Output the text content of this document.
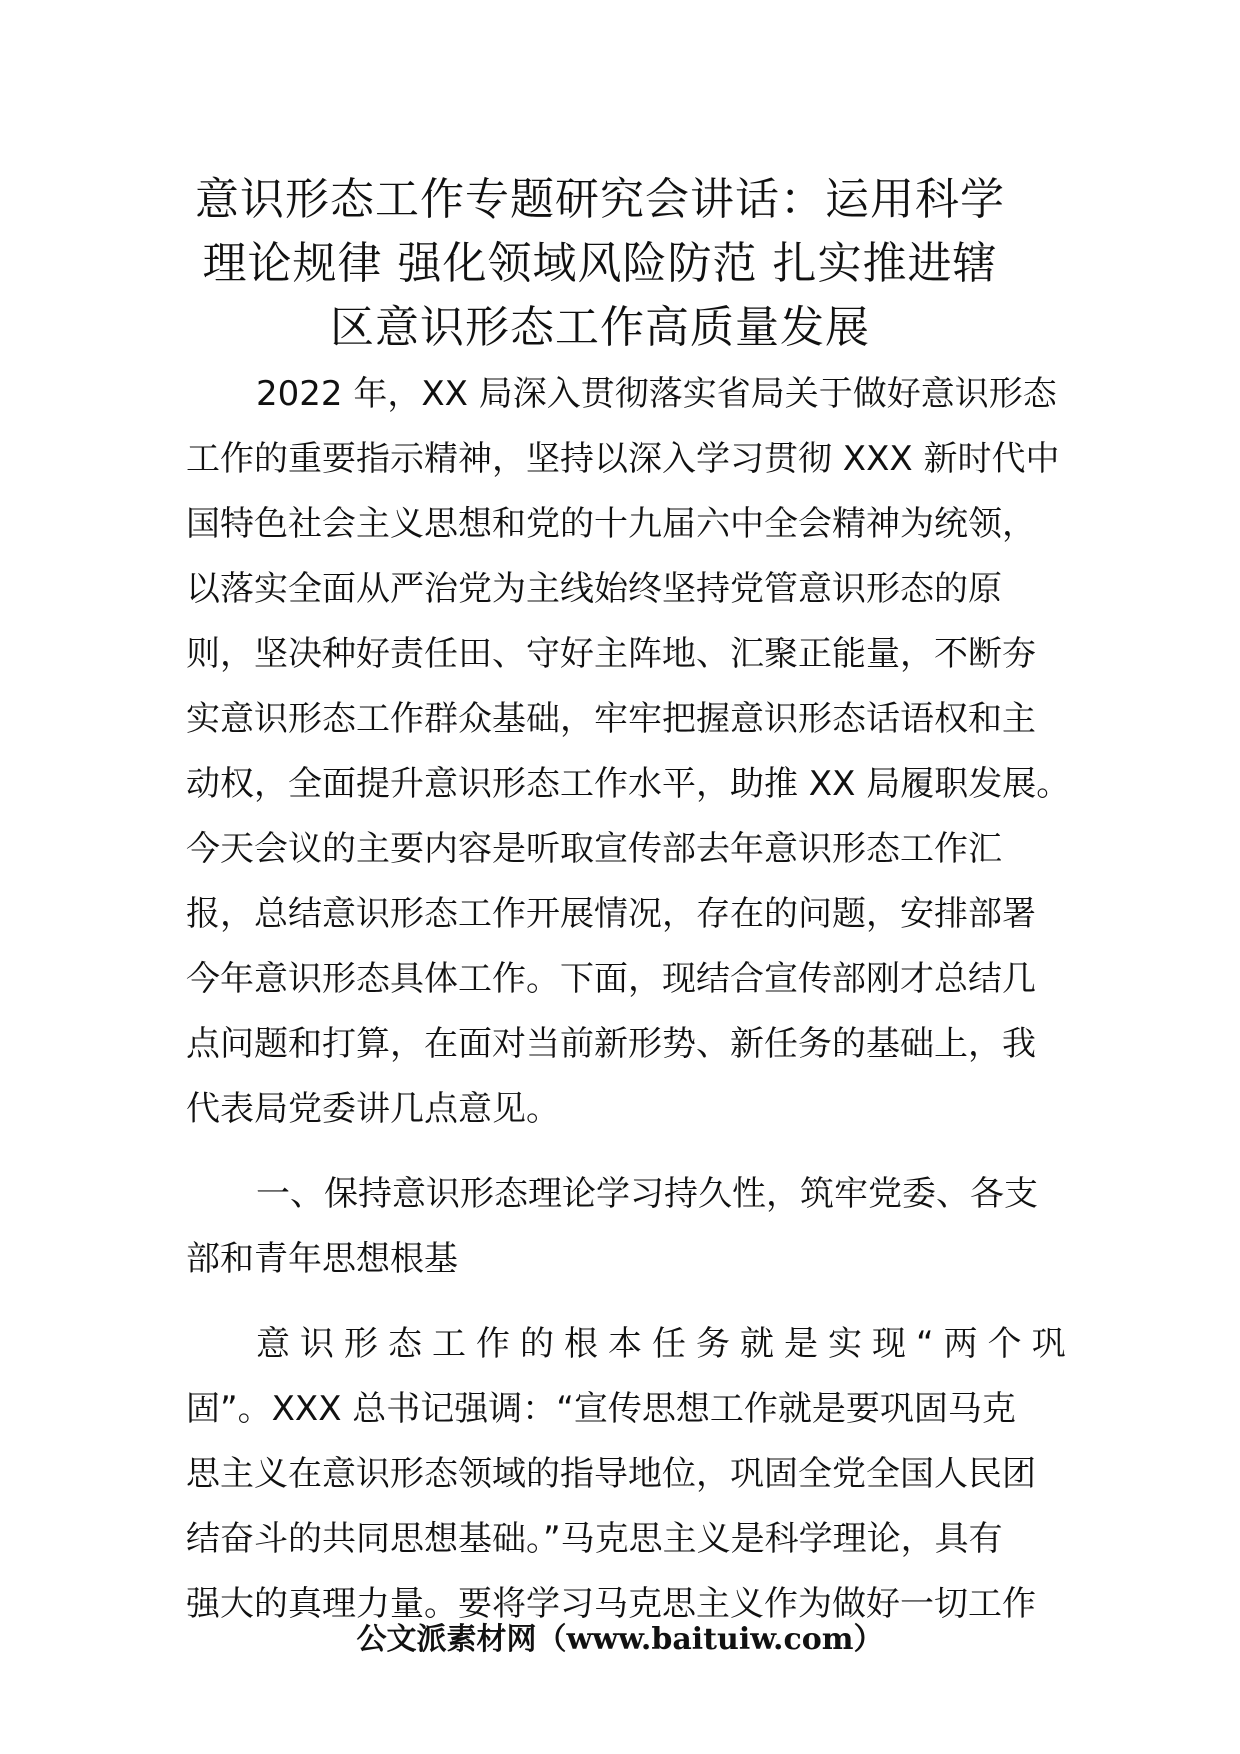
意识形态工作专题研究会讲话：运用科学
理论规律 强化领域风险防范 扎实推进辖
区意识形态工作高质量发展
2022 年，XX 局深入贯彻落实省局关于做好意识形态
工作的重要指示精神，坚持以深入学习贯彻 XXX 新时代中
国特色社会主义思想和党的十九届六中全会精神为统领，
以落实全面从严治党为主线始终坚持党管意识形态的原
则，坚决种好责任田、守好主阵地、汇聚正能量，不断夯
实意识形态工作群众基础，牢牢把握意识形态话语权和主
动权，全面提升意识形态工作水平，助推 XX 局履职发展。
今天会议的主要内容是听取宣传部去年意识形态工作汇
报，总结意识形态工作开展情况，存在的问题，安排部署
今年意识形态具体工作。下面，现结合宣传部刚才总结几
点问题和打算，在面对当前新形势、新任务的基础上，我
代表局党委讲几点意见。
一、保持意识形态理论学习持久性，筑牢党委、各支
部和青年思想根基
意识形态工作的根本任务就是实现“两个巩
固”。XXX 总书记强调：“宣传思想工作就是要巩固马克
思主义在意识形态领域的指导地位，巩固全党全国人民团
结奋斗的共同思想基础。”马克思主义是科学理论，具有
强大的真理力量。要将学习马克思主义作为做好一切工作
公文派素材网（www.baituiw.com）
